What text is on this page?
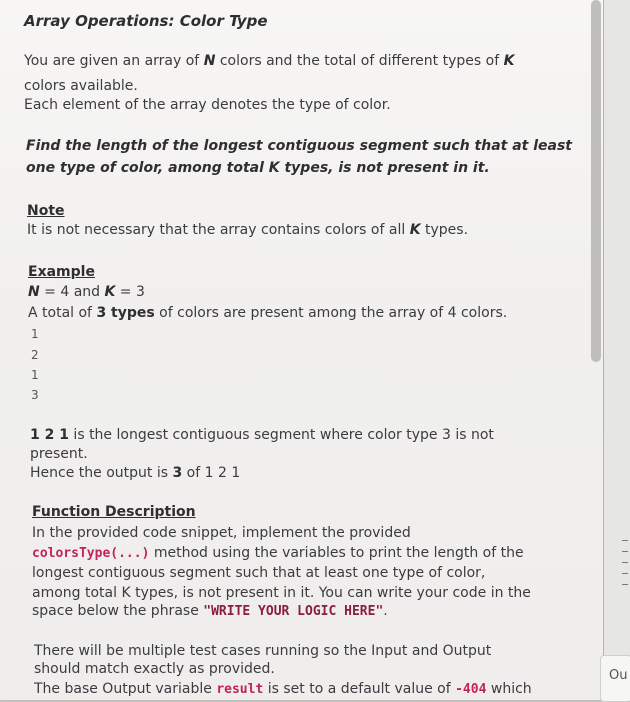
Array Operations: Color Type
You are given an array of N colors and the total of different types of K
colors available.
Each element of the array denotes the type of color.
Find the length of the longest contiguous segment such that at least
one type of color, among total K types, is not present in it.
Note
It is not necessary that the array contains colors of all K types.
Example
N = 4 and K = 3
A total of 3 types of colors are present among the array of 4 colors.
1
2
1
3
1 2 1 is the longest contiguous segment where color type 3 is not
present.
Hence the output is 3 of 1 2 1
Function Description
In the provided code snippet, implement the provided
colorsType(...) method using the variables to print the length of the
longest contiguous segment such that at least one type of color,
among total K types, is not present in it. You can write your code in the
space below the phrase "WRITE YOUR LOGIC HERE".
There will be multiple test cases running so the Input and Output
should match exactly as provided.
The base Output variable result is set to a default value of -404 which
Ou
